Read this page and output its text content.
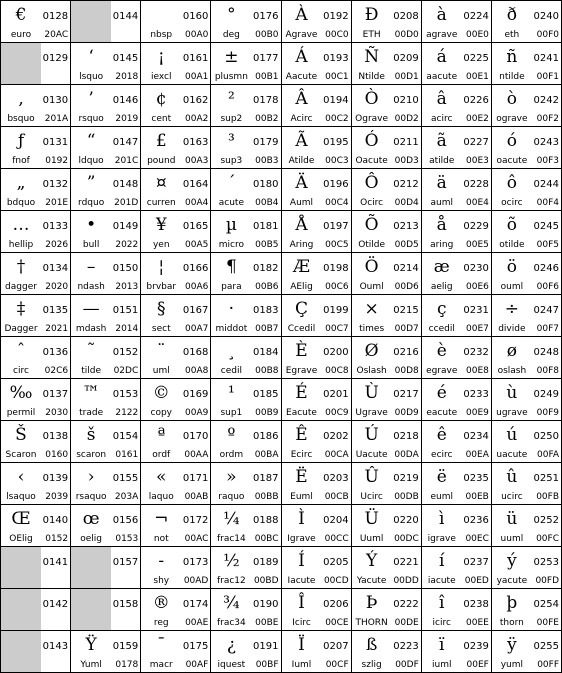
€
euro
0128
20AC
0129
‚
bsquo
0130
201A
ƒ
fnof
0131
0192
„
bdquo
0132
201E
…
hellip
0133
2026
†
dagger
0134
2020
‡
Dagger
0135
2021
ˆ
circ
0136
02C6
‰
permil
0137
2030
Š
Scaron
0138
0160
‹
lsaquo
0139
2039
Œ
OElig
0140
0152
0141
0142
0143
0144
‘
lsquo
0145
2018
’
rsquo
0146
2019
“
ldquo
0147
201C
”
rdquo
0148
201D
•
bull
0149
2022
–
ndash
0150
2013
—
mdash
0151
2014
˜
tilde
0152
02DC
™
trade
0153
2122
š
scaron
0154
0161
›
rsaquo
0155
203A
œ
oelig
0156
0153
0157
0158
Ÿ
Yuml
0159
0178
nbsp
0160
00A0
¡
iexcl
0161
00A1
¢
cent
0162
00A2
£
pound
0163
00A3
¤
curren
0164
00A4
¥
yen
0165
00A5
¦
brvbar
0166
00A6
§
sect
0167
00A7
¨
uml
0168
00A8
©
copy
0169
00A9
ª
ordf
0170
00AA
«
laquo
0171
00AB
¬
not
0172
00AC
-
shy
0173
00AD
®
reg
0174
00AE
¯
macr
0175
00AF
°
deg
0176
00B0
±
plusmn
0177
00B1
²
sup2
0178
00B2
³
sup3
0179
00B3
´
acute
0180
00B4
µ
micro
0181
00B5
¶
para
0182
00B6
·
middot
0183
00B7
¸
cedil
0184
00B8
¹
sup1
0185
00B9
º
ordm
0186
00BA
»
raquo
0187
00BB
¼
frac14
0188
00BC
½
frac12
0189
00BD
¾
frac34
0190
00BE
¿
iquest
0191
00BF
À
Agrave
0192
00C0
Á
Aacute
0193
00C1
Â
Acirc
0194
00C2
Ã
Atilde
0195
00C3
Ä
Auml
0196
00C4
Å
Aring
0197
00C5
Æ
AElig
0198
00C6
Ç
Ccedil
0199
00C7
È
Egrave
0200
00C8
É
Eacute
0201
00C9
Ê
Ecirc
0202
00CA
Ë
Euml
0203
00CB
Ì
Igrave
0204
00CC
Í
Iacute
0205
00CD
Î
Icirc
0206
00CE
Ï
Iuml
0207
00CF
Ð
ETH
0208
00D0
Ñ
Ntilde
0209
00D1
Ò
Ograve
0210
00D2
Ó
Oacute
0211
00D3
Ô
Ocirc
0212
00D4
Õ
Otilde
0213
00D5
Ö
Ouml
0214
00D6
×
times
0215
00D7
Ø
Oslash
0216
00D8
Ù
Ugrave
0217
00D9
Ú
Uacute
0218
00DA
Û
Ucirc
0219
00DB
Ü
Uuml
0220
00DC
Ý
Yacute
0221
00DD
Þ
THORN
0222
00DE
ß
szlig
0223
00DF
à
agrave
0224
00E0
á
aacute
0225
00E1
â
acirc
0226
00E2
ã
atilde
0227
00E3
ä
auml
0228
00E4
å
aring
0229
00E5
æ
aelig
0230
00E6
ç
ccedil
0231
00E7
è
egrave
0232
00E8
é
eacute
0233
00E9
ê
ecirc
0234
00EA
ë
euml
0235
00EB
ì
igrave
0236
00EC
í
iacute
0237
00ED
î
icirc
0238
00EE
ï
iuml
0239
00EF
ð
eth
0240
00F0
ñ
ntilde
0241
00F1
ò
ograve
0242
00F2
ó
oacute
0243
00F3
ô
ocirc
0244
00F4
õ
otilde
0245
00F5
ö
ouml
0246
00F6
÷
divide
0247
00F7
ø
oslash
0248
00F8
ù
ugrave
0249
00F9
ú
uacute
0250
00FA
û
ucirc
0251
00FB
ü
uuml
0252
00FC
ý
yacute
0253
00FD
þ
thorn
0254
00FE
ÿ
yuml
0255
00FF
